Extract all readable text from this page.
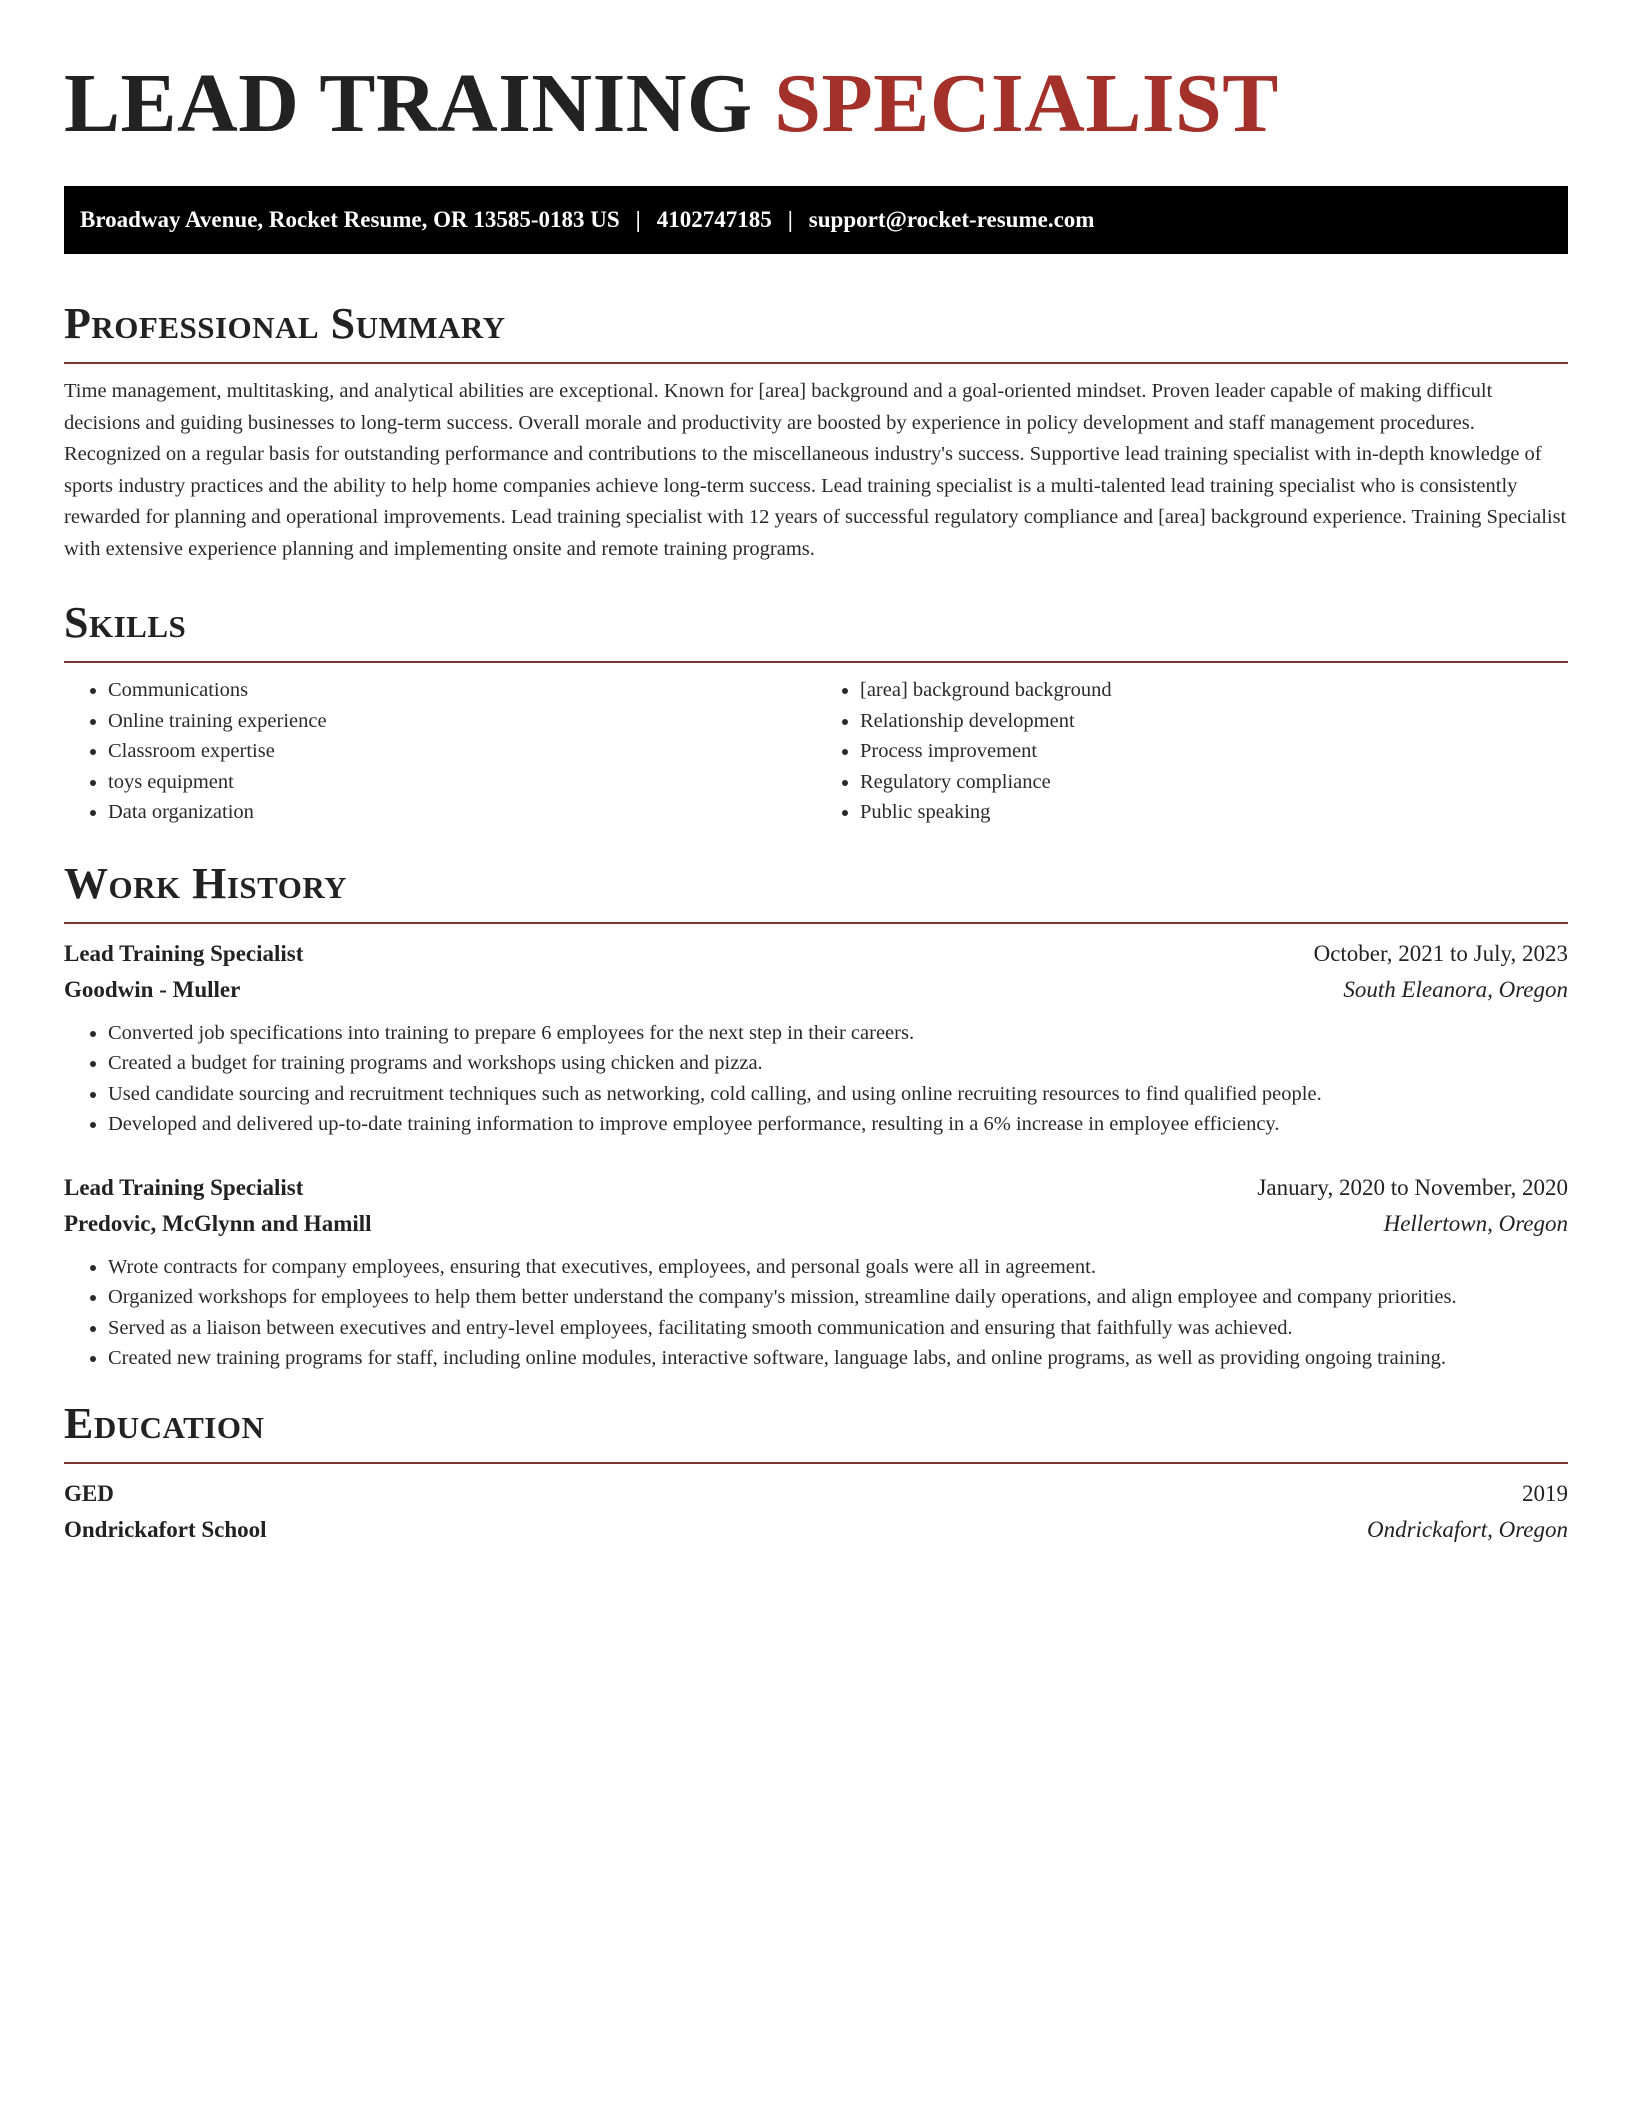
LEAD TRAINING SPECIALIST
Broadway Avenue, Rocket Resume, OR 13585-0183 US | 4102747185 | support@rocket-resume.com
Professional Summary

Time management, multitasking, and analytical abilities are exceptional. Known for [area] background and a goal-oriented mindset. Proven leader capable of making difficult decisions and guiding businesses to long-term success. Overall morale and productivity are boosted by experience in policy development and staff management procedures. Recognized on a regular basis for outstanding performance and contributions to the miscellaneous industry's success. Supportive lead training specialist with in-depth knowledge of sports industry practices and the ability to help home companies achieve long-term success. Lead training specialist is a multi-talented lead training specialist who is consistently rewarded for planning and operational improvements. Lead training specialist with 12 years of successful regulatory compliance and [area] background experience. Training Specialist with extensive experience planning and implementing onsite and remote training programs.

Skills
• Communications
• Online training experience
• Classroom expertise
• toys equipment
• Data organization
• [area] background background
• Relationship development
• Process improvement
• Regulatory compliance
• Public speaking
Work History
Lead Training Specialist	October, 2021 to July, 2023
Goodwin - Muller	South Eleanora, Oregon
• Converted job specifications into training to prepare 6 employees for the next step in their careers.
• Created a budget for training programs and workshops using chicken and pizza.
• Used candidate sourcing and recruitment techniques such as networking, cold calling, and using online recruiting resources to find qualified people.
• Developed and delivered up-to-date training information to improve employee performance, resulting in a 6% increase in employee efficiency.
Lead Training Specialist	January, 2020 to November, 2020
Predovic, McGlynn and Hamill	Hellertown, Oregon
• Wrote contracts for company employees, ensuring that executives, employees, and personal goals were all in agreement.
• Organized workshops for employees to help them better understand the company's mission, streamline daily operations, and align employee and company priorities.
• Served as a liaison between executives and entry-level employees, facilitating smooth communication and ensuring that faithfully was achieved.
• Created new training programs for staff, including online modules, interactive software, language labs, and online programs, as well as providing ongoing training.
Education
GED	2019
Ondrickafort School	Ondrickafort, Oregon
